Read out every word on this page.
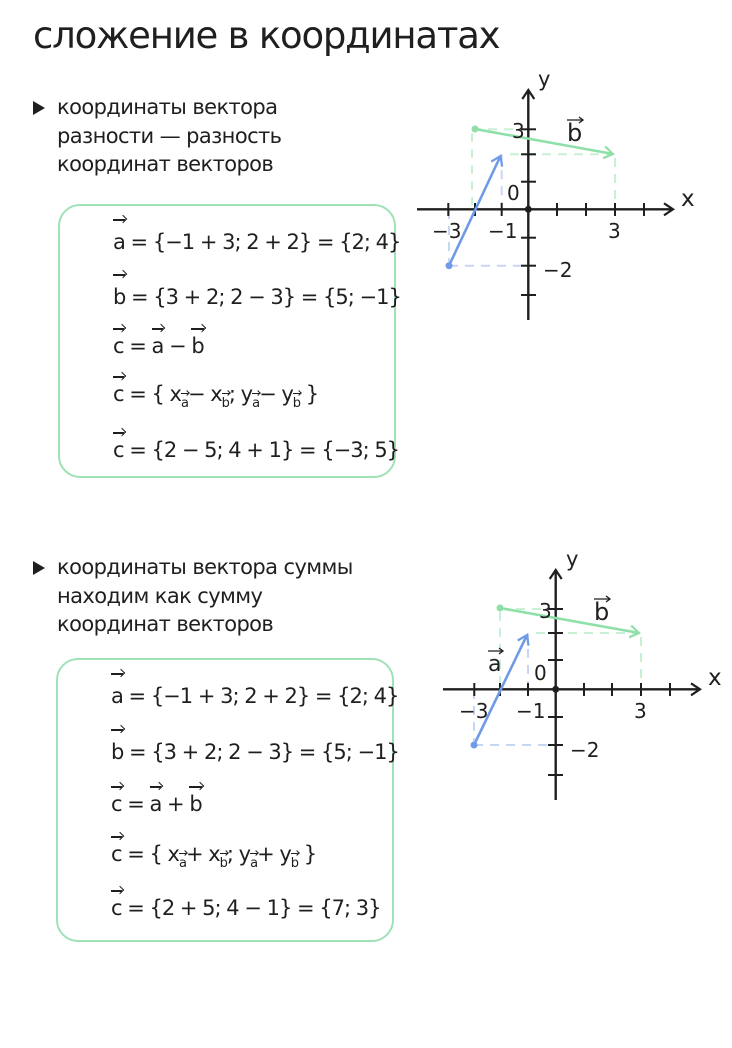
сложение в координатах
координаты вектора
разности — разность
координат векторов
a = {−1 + 3; 2 + 2} = {2; 4}
b = {3 + 2; 2 − 3} = {5; −1}
c = a − b
c = { $x_a- x_b$; $y_a- y_b$ }
c = {2 − 5; 4 + 1} = {−3; 5}
координаты вектора суммы
находим как сумму
координат векторов
a = {−1 + 3; 2 + 2} = {2; 4}
b = {3 + 2; 2 − 3} = {5; −1}
c = a + b
c = { $x_a+ x_b$; $y_a+ y_b$ }
c = {2 + 5; 4 − 1} = {7; 3}
y
x
3
0
−3 −1	3
−2
b
y
x
3
0
−3 −1	3
−2
b
a
